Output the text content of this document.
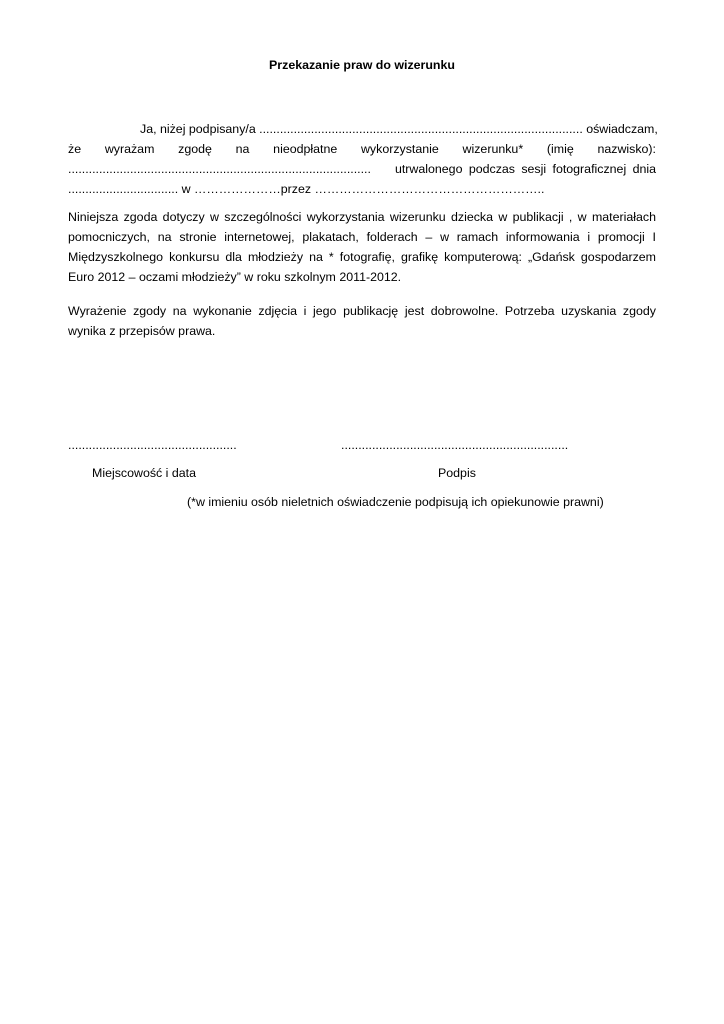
Przekazanie praw do wizerunku
Ja, niżej podpisany/a .............................................................................................. oświadczam,
że wyrażam zgodę na nieodpłatne wykorzystanie wizerunku* (imię nazwisko):
........................................................................................ utrwalonego podczas sesji fotograficznej dnia
................................ w …………………przez ………………………………………………..
Niniejsza zgoda dotyczy w szczególności wykorzystania wizerunku dziecka w publikacji , w materiałach pomocniczych, na stronie internetowej, plakatach, folderach – w ramach informowania i promocji I Międzyszkolnego konkursu dla młodzieży na * fotografię, grafikę komputerową: „Gdańsk gospodarzem Euro 2012 – oczami młodzieży” w roku szkolnym 2011-2012.
Wyrażenie zgody na wykonanie zdjęcia i jego publikację jest dobrowolne. Potrzeba uzyskania zgody wynika z przepisów prawa.
.................................................	..................................................................
Miejscowość i data	Podpis
(*w imieniu osób nieletnich oświadczenie podpisują ich opiekunowie prawni)
